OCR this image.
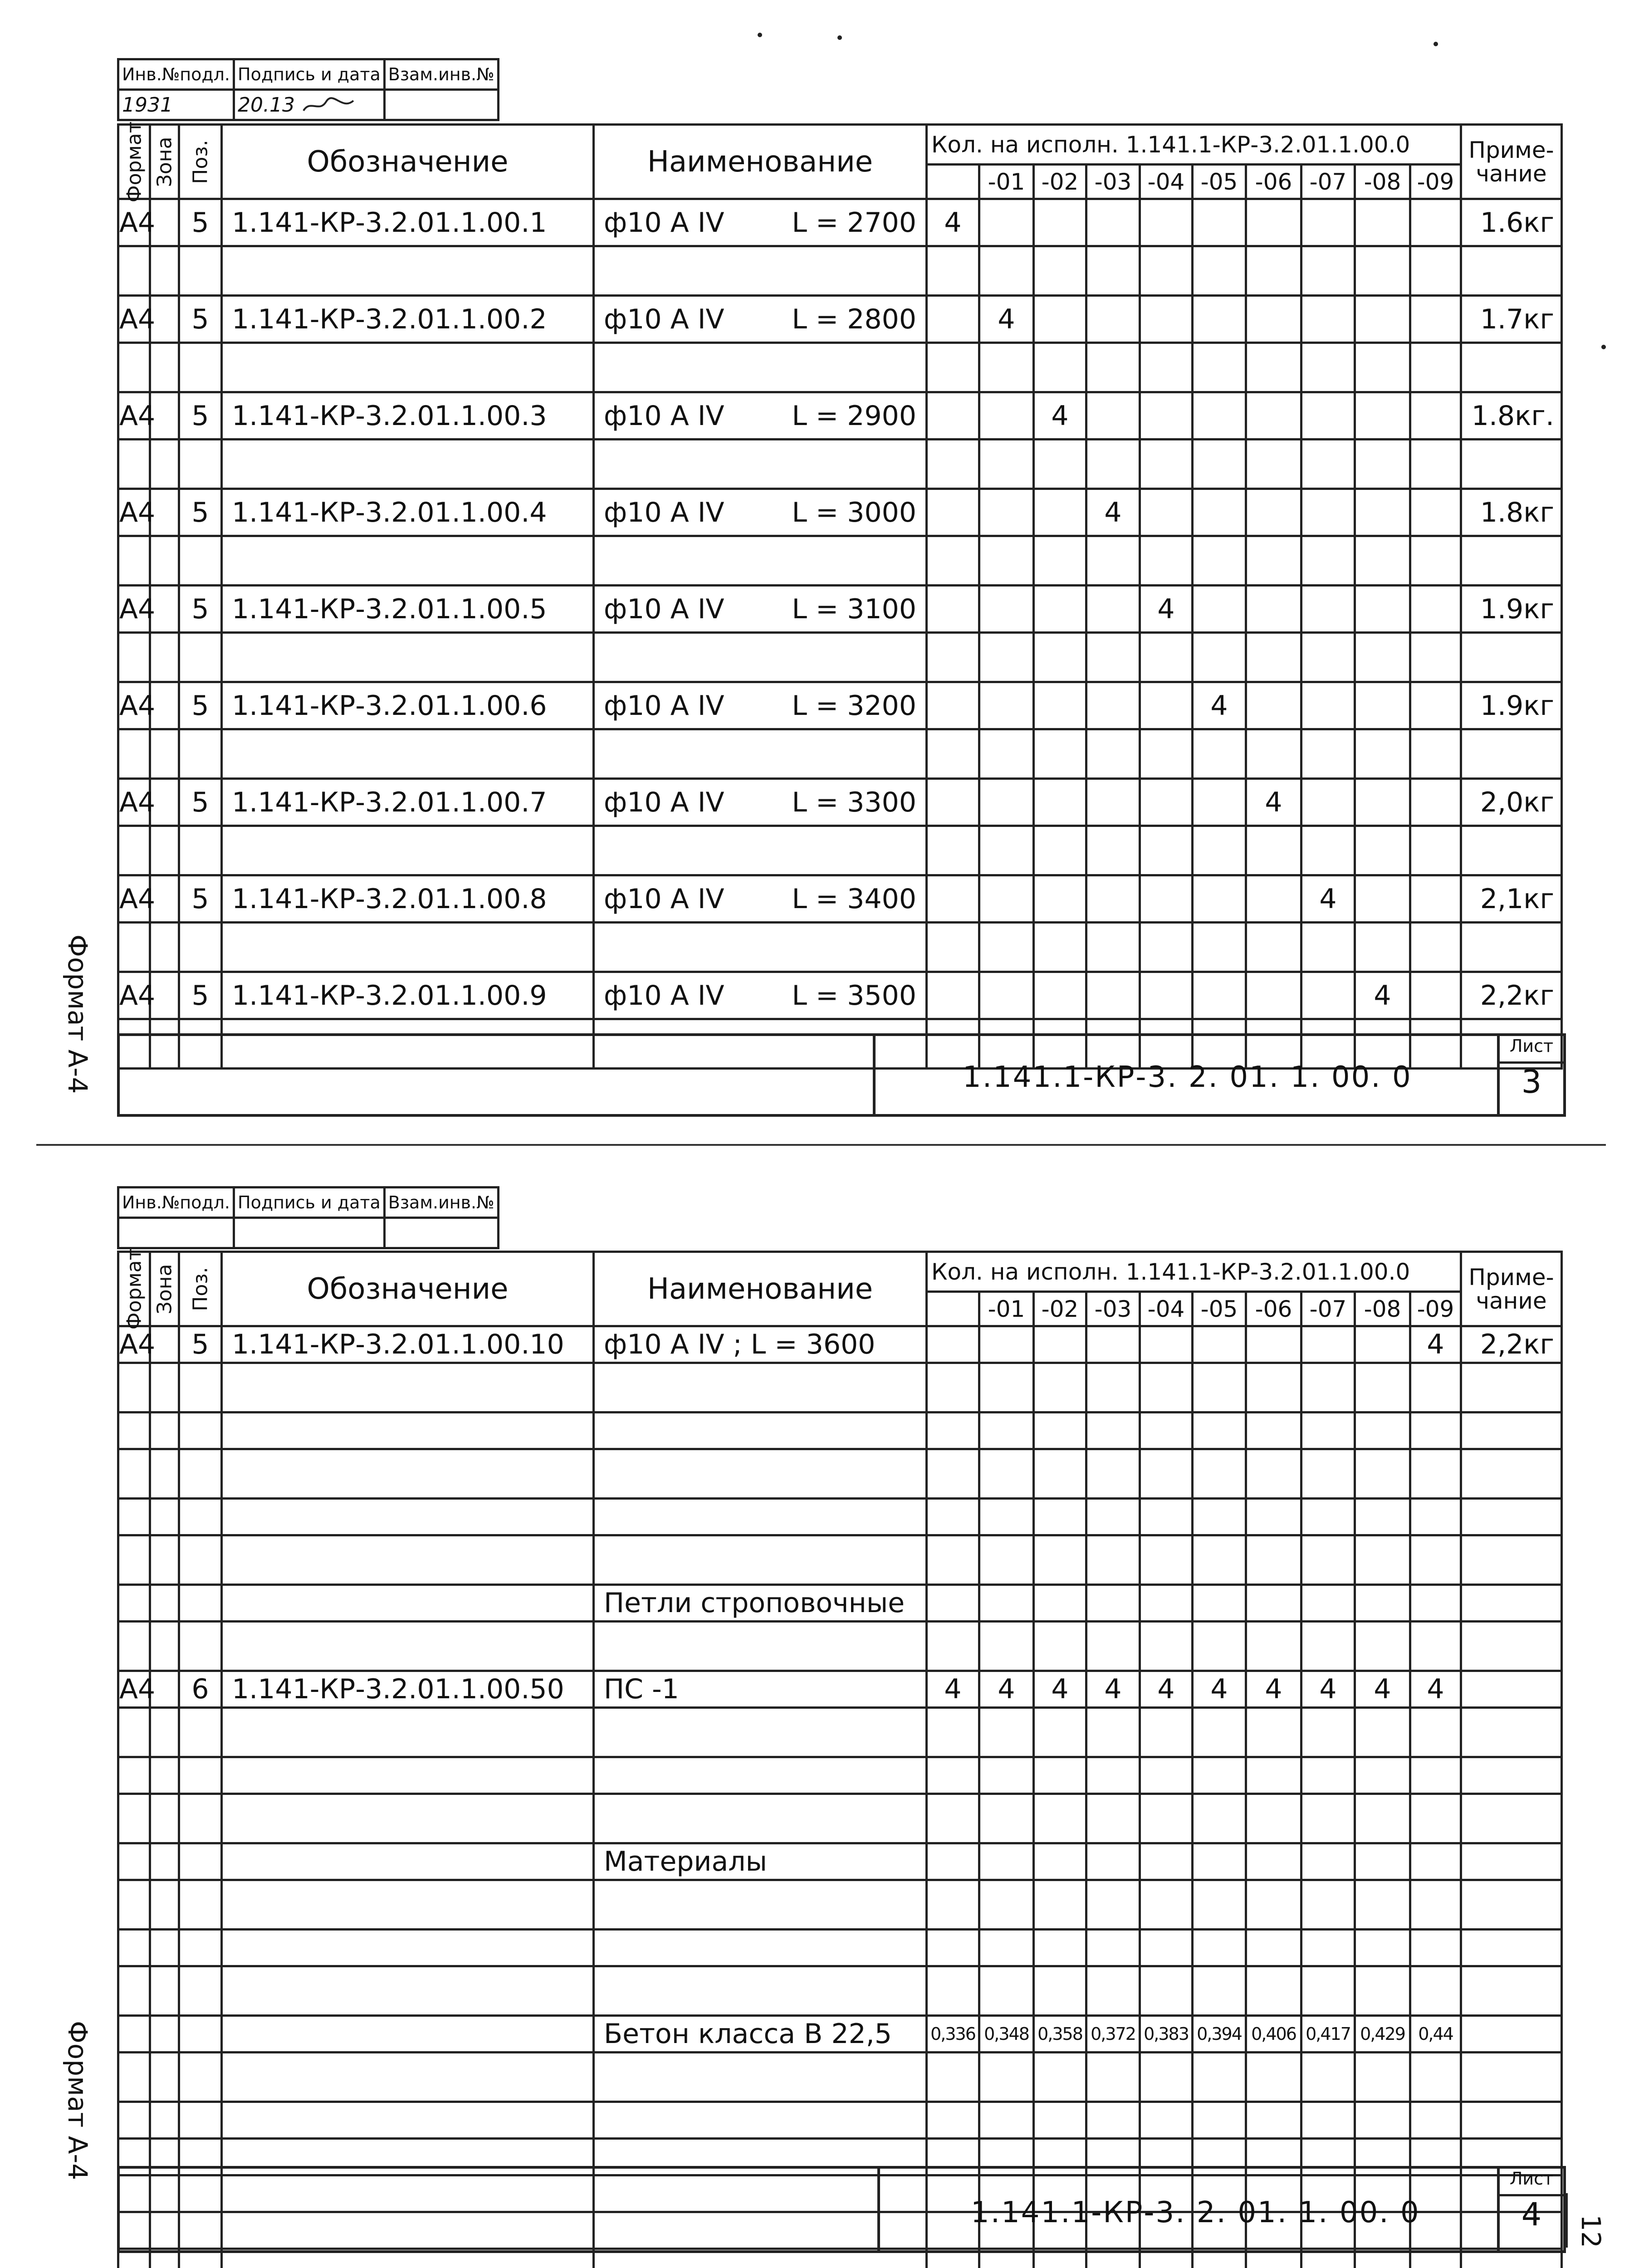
Инв.№подл.	Подпись и дата	Взам.инв.№
1931	20.13	
Формат	Зона	Поз.	Обозначение	Наименование	Кол. на исполн. 1.141.1-КР-3.2.01.1.00.0										Приме-чание
						-01	-02	-03	-04	-05	-06	-07	-08	-09	
А4		5	1.141-КР-3.2.01.1.00.1	ф10 А IV L = 2700	4										1.6кг

А4		5	1.141-КР-3.2.01.1.00.2	ф10 А IV L = 2800		4									1.7кг

А4		5	1.141-КР-3.2.01.1.00.3	ф10 А IV L = 2900			4								1.8кг.

А4		5	1.141-КР-3.2.01.1.00.4	ф10 А IV L = 3000				4							1.8кг

А4		5	1.141-КР-3.2.01.1.00.5	ф10 А IV L = 3100					4						1.9кг

А4		5	1.141-КР-3.2.01.1.00.6	ф10 А IV L = 3200						4					1.9кг

А4		5	1.141-КР-3.2.01.1.00.7	ф10 А IV L = 3300							4				2,0кг

А4		5	1.141-КР-3.2.01.1.00.8	ф10 А IV L = 3400								4			2,1кг

А4		5	1.141-КР-3.2.01.1.00.9	ф10 А IV L = 3500									4		2,2кг

1.141.1-КР-3. 2. 01. 1. 00. 0
Лист
3
Формат А-4
Инв.№подл.	Подпись и дата	Взам.инв.№

Формат	Зона	Поз.	Обозначение	Наименование	Кол. на исполн. 1.141.1-КР-3.2.01.1.00.0										Приме-чание
						-01	-02	-03	-04	-05	-06	-07	-08	-09	
А4		5	1.141-КР-3.2.01.1.00.10	ф10 А IV ; L = 3600										4	2,2кг

				Петли строповочные											

А4		6	1.141-КР-3.2.01.1.00.50	ПС -1	4	4	4	4	4	4	4	4	4	4	

				Материалы											

				Бетон класса В 22,5	0,336	0,348	0,358	0,372	0,383	0,394	0,406	0,417	0,429	0,44	

1.141.1-КР-3. 2. 01. 1. 00. 0
Лист
4
Формат А-4
12
